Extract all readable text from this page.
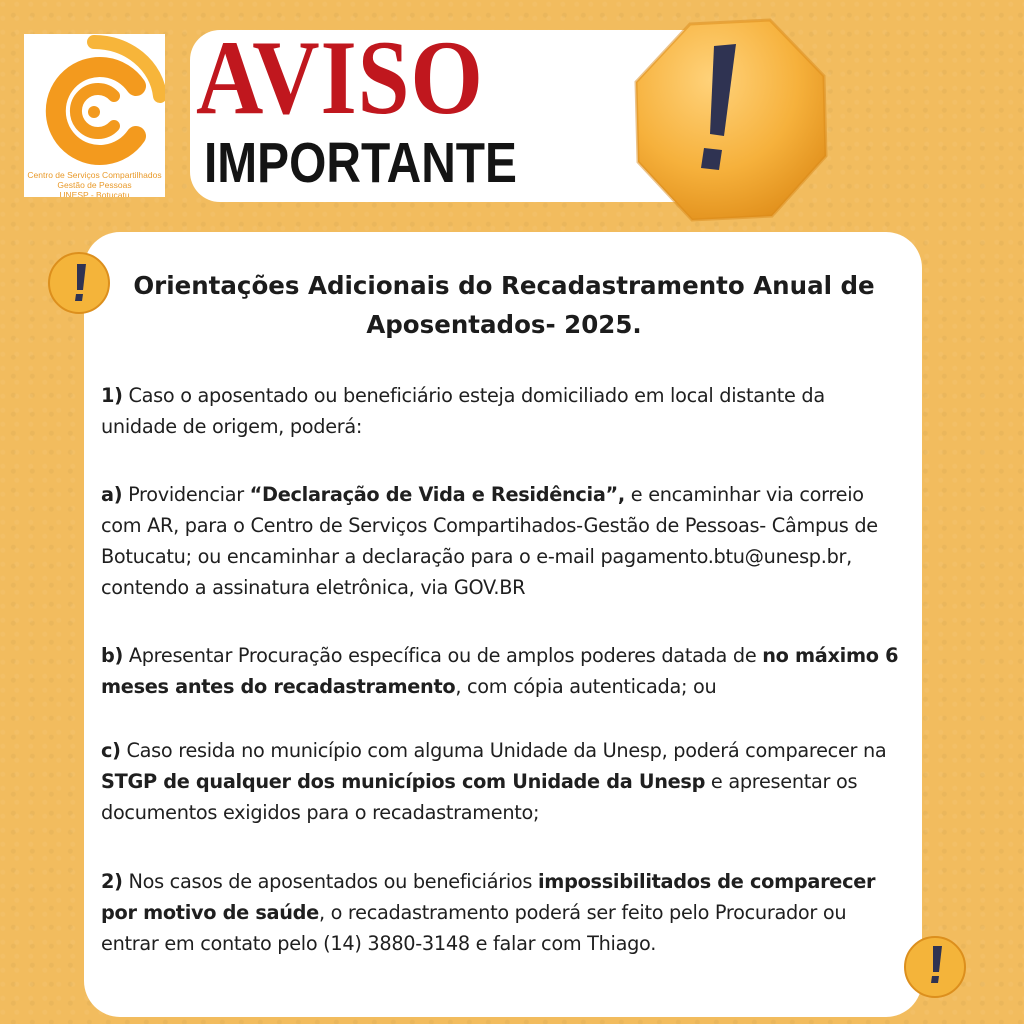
Centro de Serviços Compartilhados
Gestão de Pessoas
UNESP - Botucatu
AVISO
IMPORTANTE
Orientações Adicionais do Recadastramento Anual de Aposentados- 2025.

1) Caso o aposentado ou beneficiário esteja domiciliado em local distante da unidade de origem, poderá:

a) Providenciar “Declaração de Vida e Residência”, e encaminhar via correio com AR, para o Centro de Serviços Compartihados-Gestão de Pessoas- Câmpus de Botucatu; ou encaminhar a declaração para o e-mail pagamento.btu@unesp.br, contendo a assinatura eletrônica, via GOV.BR

b) Apresentar Procuração específica ou de amplos poderes datada de no máximo 6 meses antes do recadastramento, com cópia autenticada; ou

c) Caso resida no município com alguma Unidade da Unesp, poderá comparecer na STGP de qualquer dos municípios com Unidade da Unesp e apresentar os documentos exigidos para o recadastramento;

2) Nos casos de aposentados ou beneficiários impossibilitados de comparecer por motivo de saúde, o recadastramento poderá ser feito pelo Procurador ou entrar em contato pelo (14) 3880-3148 e falar com Thiago.
